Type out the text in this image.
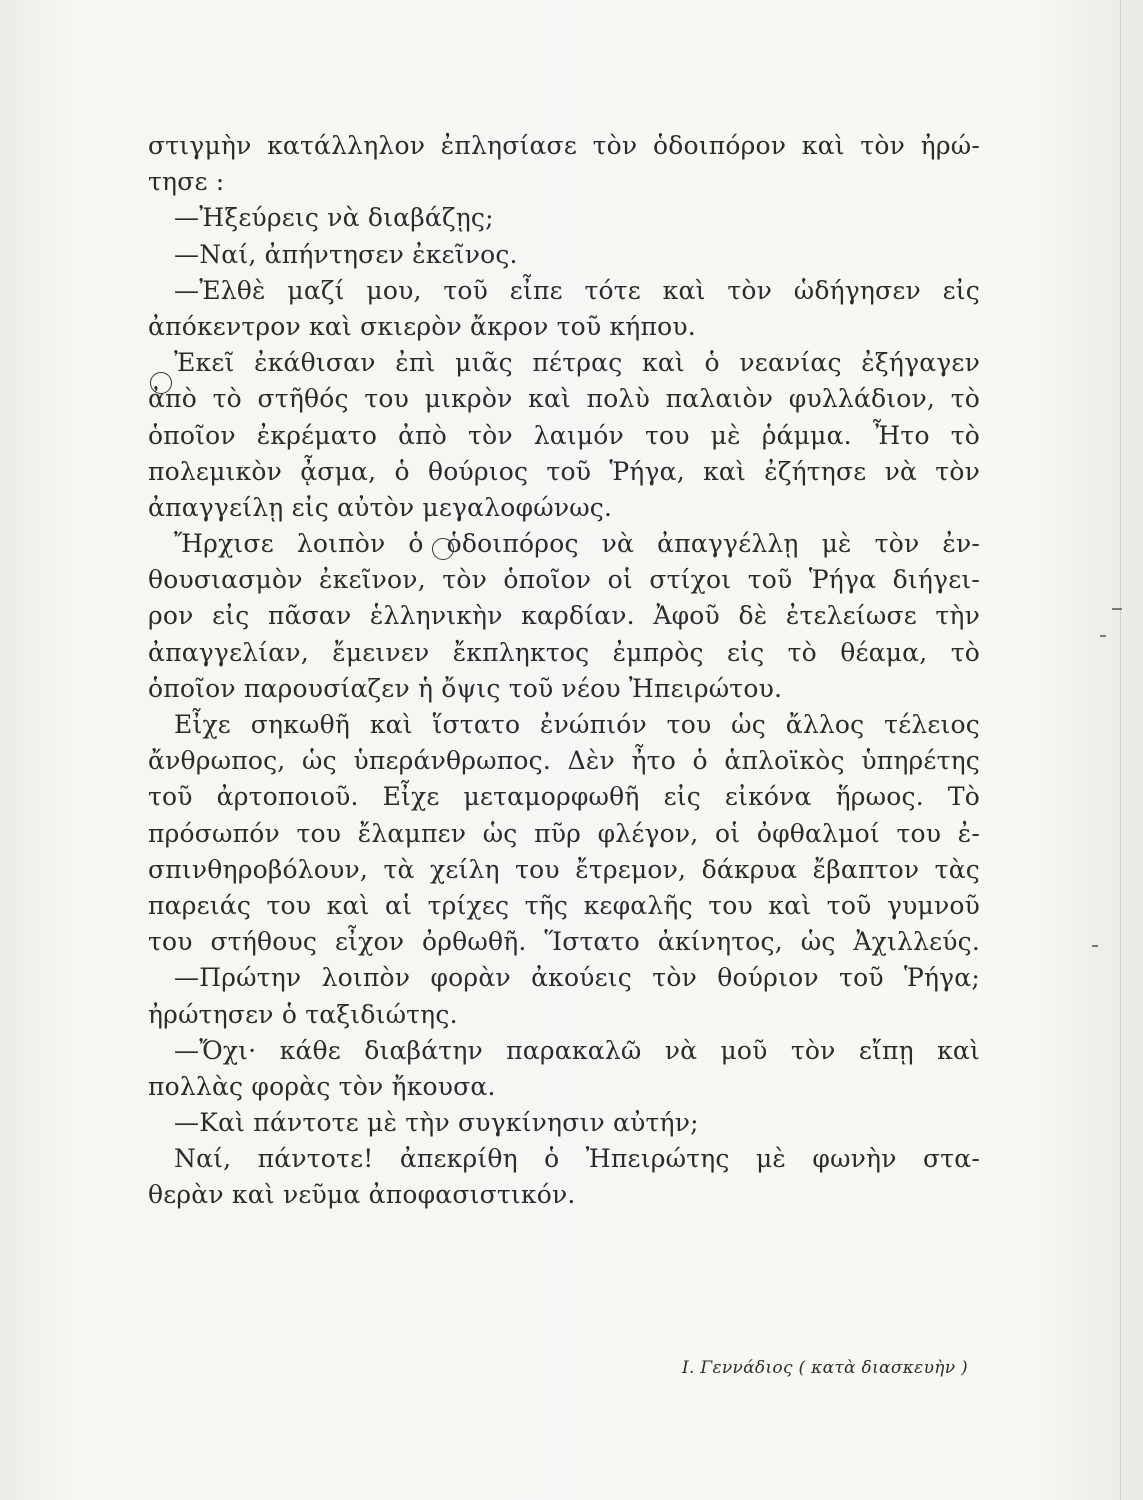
στιγμὴν κατάλληλον ἐπλησίασε τὸν ὁδοιπόρον καὶ τὸν ἠρώ-
τησε :
—Ἠξεύρεις νὰ διαβάζῃς;
—Ναί, ἀπήντησεν ἐκεῖνος.
—Ἐλθὲ μαζί μου, τοῦ εἶπε τότε καὶ τὸν ὡδήγησεν εἰς
ἀπόκεντρον καὶ σκιερὸν ἄκρον τοῦ κήπου.
Ἐκεῖ ἐκάθισαν ἐπὶ μιᾶς πέτρας καὶ ὁ νεανίας ἐξήγαγεν
ἀπὸ τὸ στῆθός του μικρὸν καὶ πολὺ παλαιὸν φυλλάδιον, τὸ
ὁποῖον ἐκρέματο ἀπὸ τὸν λαιμόν του μὲ ῥάμμα. Ἦτο τὸ
πολεμικὸν ᾆσμα, ὁ θούριος τοῦ Ῥήγα, καὶ ἐζήτησε νὰ τὸν
ἀπαγγείλῃ εἰς αὐτὸν μεγαλοφώνως.
Ἤρχισε λοιπὸν ὁ ὁδοιπόρος νὰ ἀπαγγέλλῃ μὲ τὸν ἐν-
θουσιασμὸν ἐκεῖνον, τὸν ὁποῖον οἱ στίχοι τοῦ Ῥήγα διήγει-
ρον εἰς πᾶσαν ἑλληνικὴν καρδίαν. Ἀφοῦ δὲ ἐτελείωσε τὴν
ἀπαγγελίαν, ἔμεινεν ἔκπληκτος ἐμπρὸς εἰς τὸ θέαμα, τὸ
ὁποῖον παρουσίαζεν ἡ ὄψις τοῦ νέου Ἠπειρώτου.
Εἶχε σηκωθῆ καὶ ἵστατο ἐνώπιόν του ὡς ἄλλος τέλειος
ἄνθρωπος, ὡς ὑπεράνθρωπος. Δὲν ἦτο ὁ ἁπλοϊκὸς ὑπηρέτης
τοῦ ἀρτοποιοῦ. Εἶχε μεταμορφωθῆ εἰς εἰκόνα ἥρωος. Τὸ
πρόσωπόν του ἔλαμπεν ὡς πῦρ φλέγον, οἱ ὀφθαλμοί του ἐ-
σπινθηροβόλουν, τὰ χείλη του ἔτρεμον, δάκρυα ἔβαπτον τὰς
παρειάς του καὶ αἱ τρίχες τῆς κεφαλῆς του καὶ τοῦ γυμνοῦ
του στήθους εἶχον ὀρθωθῆ. Ἵστατο ἀκίνητος, ὡς Ἀχιλλεύς.
—Πρώτην λοιπὸν φορὰν ἀκούεις τὸν θούριον τοῦ Ῥήγα;
ἠρώτησεν ὁ ταξιδιώτης.
—Ὄχι· κάθε διαβάτην παρακαλῶ νὰ μοῦ τὸν εἴπῃ καὶ
πολλὰς φορὰς τὸν ἤκουσα.
—Καὶ πάντοτε μὲ τὴν συγκίνησιν αὐτήν;
Ναί, πάντοτε! ἀπεκρίθη ὁ Ἠπειρώτης μὲ φωνὴν στα-
θερὰν καὶ νεῦμα ἀποφασιστικόν.
Ι. Γεννάδιος ( κατὰ διασκευὴν )
